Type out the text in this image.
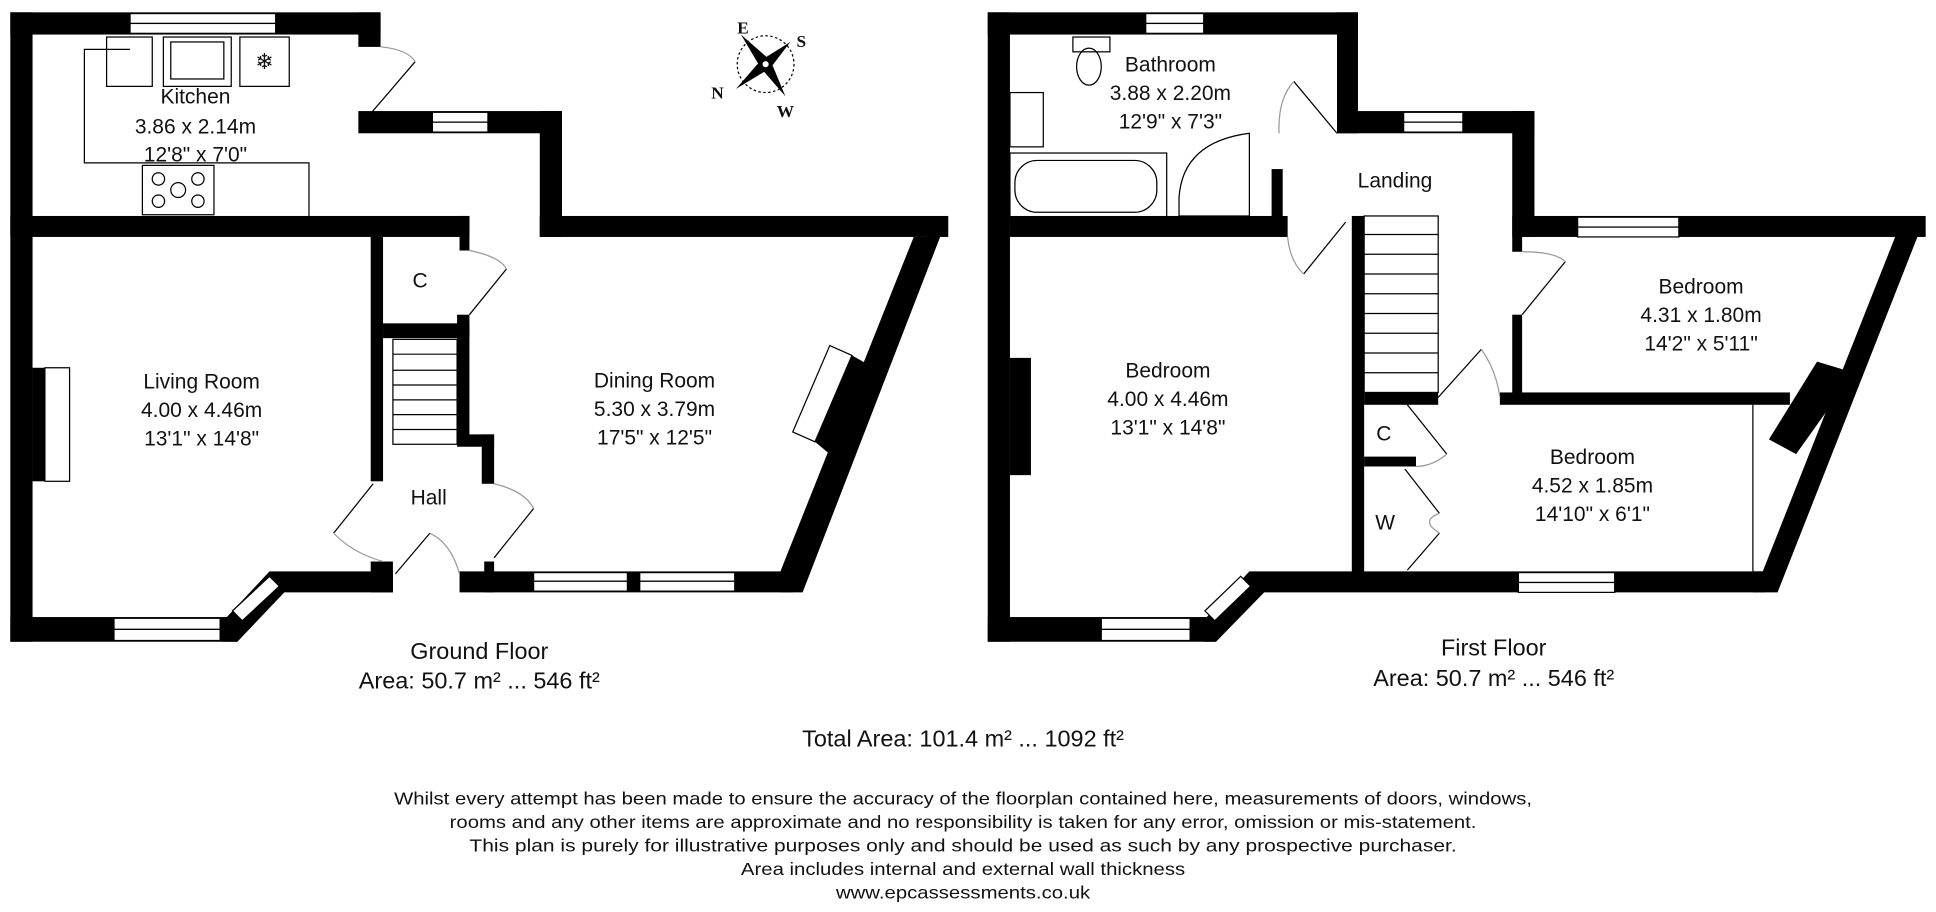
❄
E
S
N
W
Kitchen
3.86 x 2.14m
12'8" x 7'0"
Living Room
4.00 x 4.46m
13'1" x 14'8"
Dining Room
5.30 x 3.79m
17'5" x 12'5"
Hall
C
Ground Floor
Area: 50.7 m² ... 546 ft²
Bathroom
3.88 x 2.20m
12'9" x 7'3"
Landing
Bedroom
4.00 x 4.46m
13'1" x 14'8"
Bedroom
4.31 x 1.80m
14'2" x 5'11"
Bedroom
4.52 x 1.85m
14'10" x 6'1"
C
W
First Floor
Area: 50.7 m² ... 546 ft²
Total Area: 101.4 m² ... 1092 ft²
Whilst every attempt has been made to ensure the accuracy of the floorplan contained here, measurements of doors, windows,
rooms and any other items are approximate and no responsibility is taken for any error, omission or mis-statement.
This plan is purely for illustrative purposes only and should be used as such by any prospective purchaser.
Area includes internal and external wall thickness
www.epcassessments.co.uk
